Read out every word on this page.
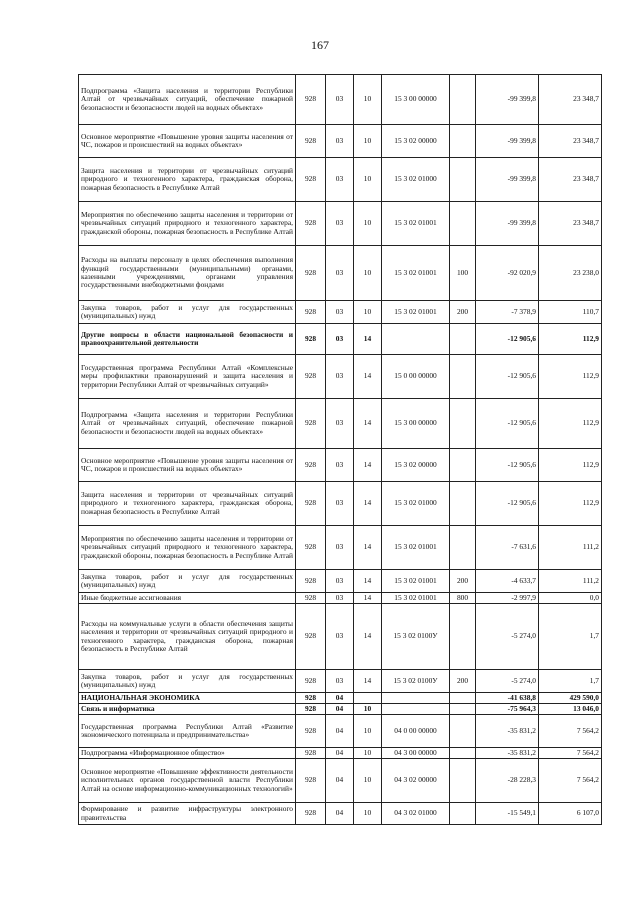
167
Подпрограмма «Защита населения и территории Республики Алтай от чрезвычайных ситуаций, обеспечение пожарной безопасности и безопасности людей на водных объектах»	928	03	10	15 3 00 00000		-99 399,8	23 348,7
Основное мероприятие «Повышение уровня защиты населения от ЧС, пожаров и происшествий на водных объектах»	928	03	10	15 3 02 00000		-99 399,8	23 348,7
Защита населения и территории от чрезвычайных ситуаций природного и техногенного характера, гражданская оборона, пожарная безопасность в Республике Алтай	928	03	10	15 3 02 01000		-99 399,8	23 348,7
Мероприятия по обеспечению защиты населения и территории от чрезвычайных ситуаций природного и техногенного характера, гражданской обороны, пожарная безопасность в Республике Алтай	928	03	10	15 3 02 01001		-99 399,8	23 348,7
Расходы на выплаты персоналу в целях обеспечения выполнения функций государственными (муниципальными) органами, казенными учреждениями, органами управления государственными внебюджетными фондами	928	03	10	15 3 02 01001	100	-92 020,9	23 238,0
Закупка товаров, работ и услуг для государственных (муниципальных) нужд	928	03	10	15 3 02 01001	200	-7 378,9	110,7
Другие вопросы в области национальной безопасности и правоохранительной деятельности	928	03	14			-12 905,6	112,9
Государственная программа Республики Алтай «Комплексные меры профилактики правонарушений и защита населения и территории Республики Алтай от чрезвычайных ситуаций»	928	03	14	15 0 00 00000		-12 905,6	112,9
Подпрограмма «Защита населения и территории Республики Алтай от чрезвычайных ситуаций, обеспечение пожарной безопасности и безопасности людей на водных объектах»	928	03	14	15 3 00 00000		-12 905,6	112,9
Основное мероприятие «Повышение уровня защиты населения от ЧС, пожаров и происшествий на водных объектах»	928	03	14	15 3 02 00000		-12 905,6	112,9
Защита населения и территории от чрезвычайных ситуаций природного и техногенного характера, гражданская оборона, пожарная безопасность в Республике Алтай	928	03	14	15 3 02 01000		-12 905,6	112,9
Мероприятия по обеспечению защиты населения и территории от чрезвычайных ситуаций природного и техногенного характера, гражданской обороны, пожарная безопасность в Республике Алтай	928	03	14	15 3 02 01001		-7 631,6	111,2
Закупка товаров, работ и услуг для государственных (муниципальных) нужд	928	03	14	15 3 02 01001	200	-4 633,7	111,2
Иные бюджетные ассигнования	928	03	14	15 3 02 01001	800	-2 997,9	0,0
Расходы на коммунальные услуги в области обеспечения защиты населения и территории от чрезвычайных ситуаций природного и техногенного характера, гражданская оборона, пожарная безопасность в Республике Алтай	928	03	14	15 3 02 0100У		-5 274,0	1,7
Закупка товаров, работ и услуг для государственных (муниципальных) нужд	928	03	14	15 3 02 0100У	200	-5 274,0	1,7
НАЦИОНАЛЬНАЯ ЭКОНОМИКА	928	04				-41 638,8	429 590,0
Связь и информатика	928	04	10			-75 964,3	13 046,0
Государственная программа Республики Алтай «Развитие экономического потенциала и предпринимательства»	928	04	10	04 0 00 00000		-35 831,2	7 564,2
Подпрограмма «Информационное общество»	928	04	10	04 3 00 00000		-35 831,2	7 564,2
Основное мероприятие «Повышение эффективности деятельности исполнительных органов государственной власти Республики Алтай на основе информационно-коммуникационных технологий»	928	04	10	04 3 02 00000		-28 228,3	7 564,2
Формирование и развитие инфраструктуры электронного правительства	928	04	10	04 3 02 01000		-15 549,1	6 107,0
